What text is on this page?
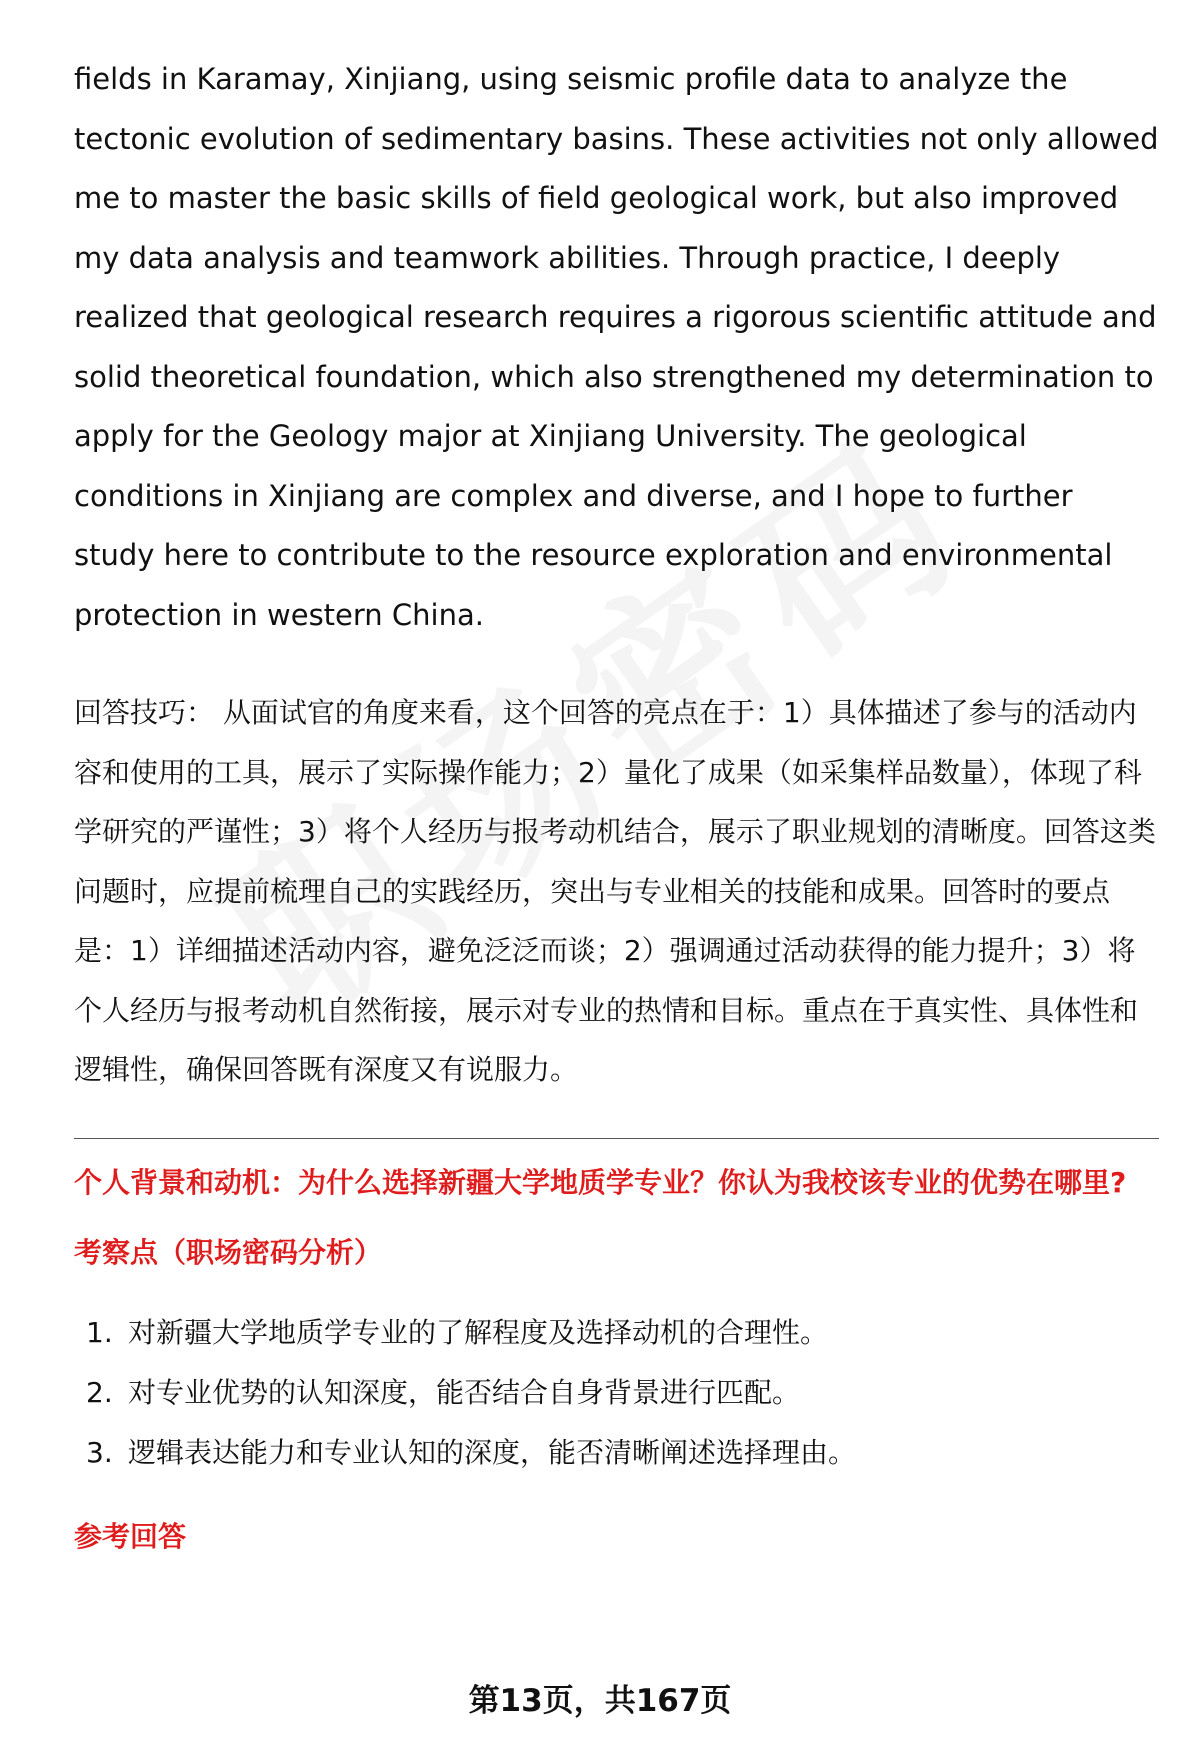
fields in Karamay, Xinjiang, using seismic profile data to analyze the tectonic evolution of sedimentary basins. These activities not only allowed me to master the basic skills of field geological work, but also improved my data analysis and teamwork abilities. Through practice, I deeply realized that geological research requires a rigorous scientific attitude and solid theoretical foundation, which also strengthened my determination to apply for the Geology major at Xinjiang University. The geological conditions in Xinjiang are complex and diverse, and I hope to further study here to contribute to the resource exploration and environmental protection in western China.

回答技巧： 从面试官的角度来看，这个回答的亮点在于：1）具体描述了参与的活动内容和使用的工具，展示了实际操作能力；2）量化了成果（如采集样品数量），体现了科学研究的严谨性；3）将个人经历与报考动机结合，展示了职业规划的清晰度。回答这类问题时，应提前梳理自己的实践经历，突出与专业相关的技能和成果。回答时的要点是：1）详细描述活动内容，避免泛泛而谈；2）强调通过活动获得的能力提升；3）将个人经历与报考动机自然衔接，展示对专业的热情和目标。重点在于真实性、具体性和逻辑性，确保回答既有深度又有说服力。

个人背景和动机：为什么选择新疆大学地质学专业？你认为我校该专业的优势在哪里?
考察点（职场密码分析）
1. 对新疆大学地质学专业的了解程度及选择动机的合理性。
2. 对专业优势的认知深度，能否结合自身背景进行匹配。
3. 逻辑表达能力和专业认知的深度，能否清晰阐述选择理由。
参考回答
第13页，共167页
